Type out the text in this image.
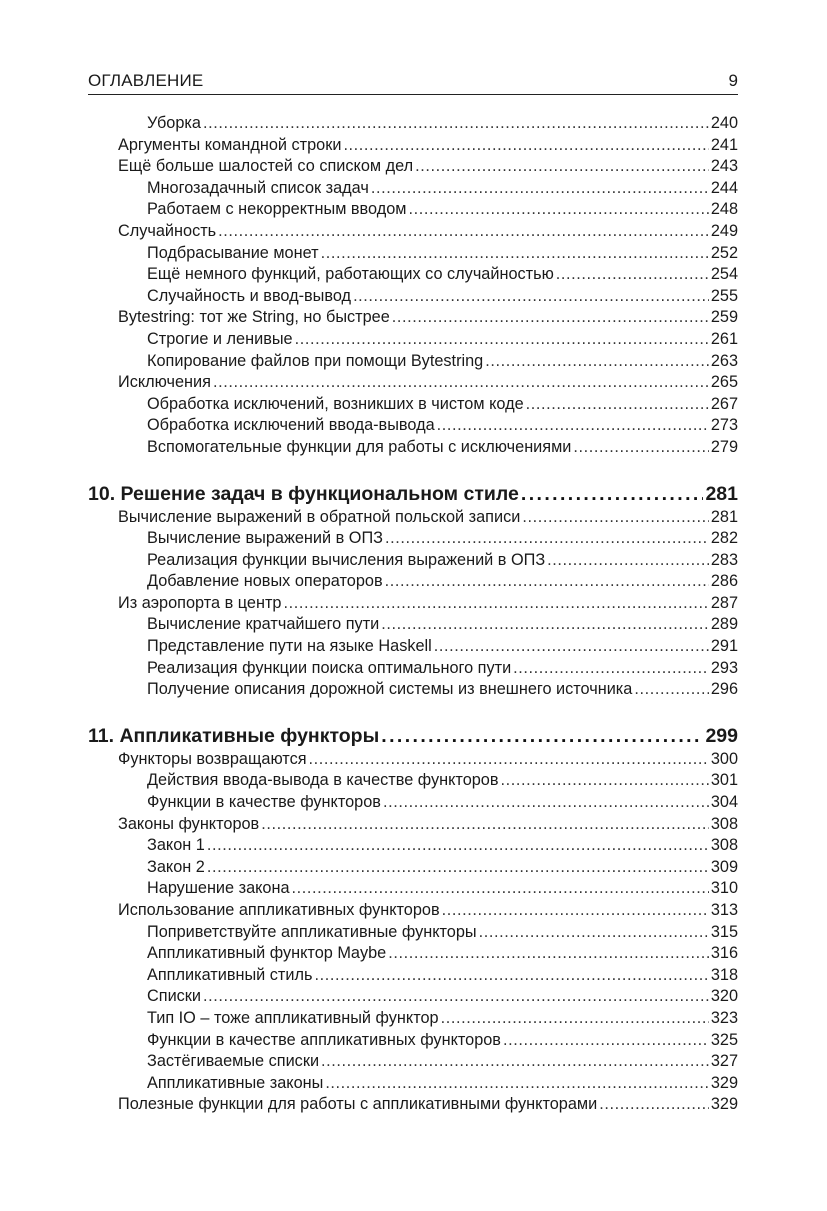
ОГЛАВЛЕНИЕ	9
Уборка .....	240
Аргументы командной строки .....	241
Ещё больше шалостей со списком дел .....	243
Многозадачный список задач .....	244
Работаем с некорректным вводом .....	248
Случайность .....	249
Подбрасывание монет .....	252
Ещё немного функций, работающих со случайностью .....	254
Случайность и ввод-вывод .....	255
Bytestring: тот же String, но быстрее .....	259
Строгие и ленивые .....	261
Копирование файлов при помощи Bytestring .....	263
Исключения .....	265
Обработка исключений, возникших в чистом коде .....	267
Обработка исключений ввода-вывода .....	273
Вспомогательные функции для работы с исключениями .....	279
10. Решение задач в функциональном стиле .....	281
Вычисление выражений в обратной польской записи .....	281
Вычисление выражений в ОПЗ .....	282
Реализация функции вычисления выражений в ОПЗ .....	283
Добавление новых операторов .....	286
Из аэропорта в центр .....	287
Вычисление кратчайшего пути .....	289
Представление пути на языке Haskell .....	291
Реализация функции поиска оптимального пути .....	293
Получение описания дорожной системы из внешнего источника .....	296
11. Аппликативные функторы .....	299
Функторы возвращаются .....	300
Действия ввода-вывода в качестве функторов .....	301
Функции в качестве функторов .....	304
Законы функторов .....	308
Закон 1 .....	308
Закон 2 .....	309
Нарушение закона .....	310
Использование аппликативных функторов .....	313
Поприветствуйте аппликативные функторы .....	315
Аппликативный функтор Maybe .....	316
Аппликативный стиль .....	318
Списки .....	320
Тип IO – тоже аппликативный функтор .....	323
Функции в качестве аппликативных функторов .....	325
Застёгиваемые списки .....	327
Аппликативные законы .....	329
Полезные функции для работы с аппликативными функторами .....	329
